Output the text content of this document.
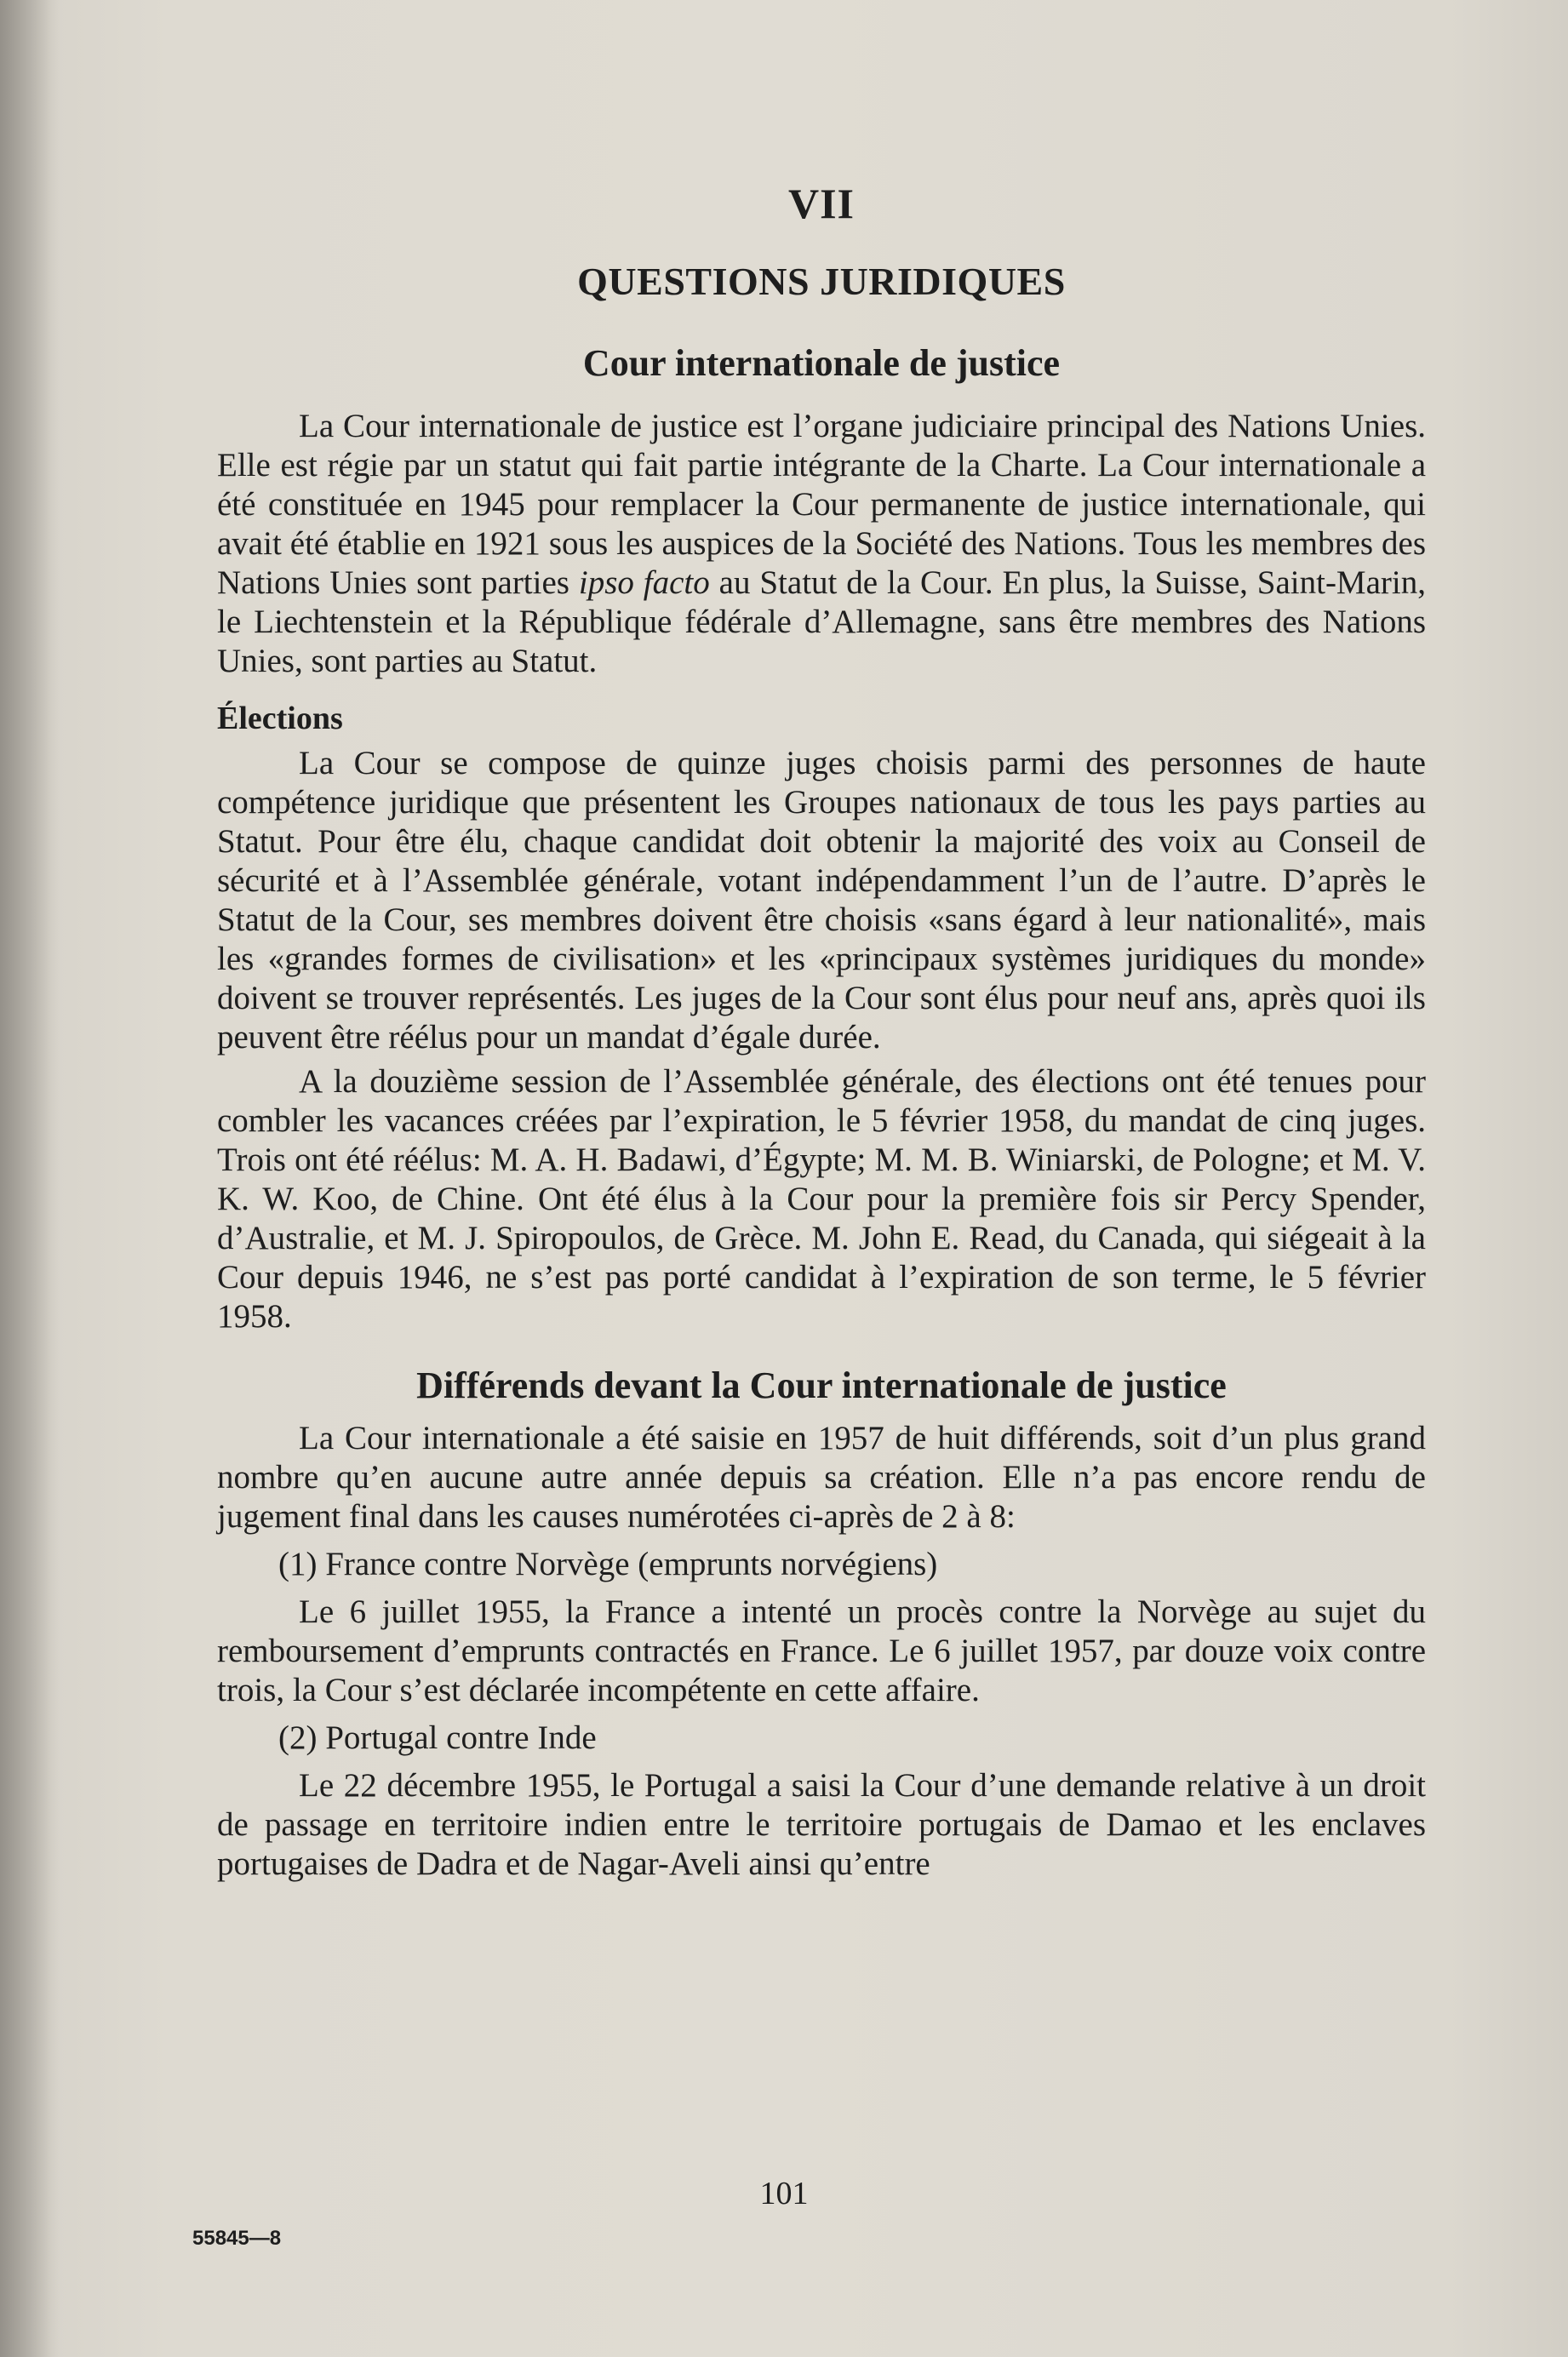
VII
QUESTIONS JURIDIQUES
Cour internationale de justice

La Cour internationale de justice est l’organe judiciaire principal des Nations Unies. Elle est régie par un statut qui fait partie intégrante de la Charte. La Cour internationale a été constituée en 1945 pour remplacer la Cour permanente de justice internationale, qui avait été établie en 1921 sous les auspices de la Société des Nations. Tous les membres des Nations Unies sont parties ipso facto au Statut de la Cour. En plus, la Suisse, Saint-Marin, le Liechtenstein et la République fédérale d’Allemagne, sans être membres des Nations Unies, sont parties au Statut.

Élections

La Cour se compose de quinze juges choisis parmi des personnes de haute compétence juridique que présentent les Groupes nationaux de tous les pays parties au Statut. Pour être élu, chaque candidat doit obtenir la majorité des voix au Conseil de sécurité et à l’Assemblée générale, votant indépendamment l’un de l’autre. D’après le Statut de la Cour, ses membres doivent être choisis «sans égard à leur nationalité», mais les «grandes formes de civilisation» et les «principaux systèmes juridiques du monde» doivent se trouver représentés. Les juges de la Cour sont élus pour neuf ans, après quoi ils peuvent être réélus pour un mandat d’égale durée.

A la douzième session de l’Assemblée générale, des élections ont été tenues pour combler les vacances créées par l’expiration, le 5 février 1958, du mandat de cinq juges. Trois ont été réélus: M. A. H. Badawi, d’Égypte; M. M. B. Winiarski, de Pologne; et M. V. K. W. Koo, de Chine. Ont été élus à la Cour pour la première fois sir Percy Spender, d’Australie, et M. J. Spiropoulos, de Grèce. M. John E. Read, du Canada, qui siégeait à la Cour depuis 1946, ne s’est pas porté candidat à l’expiration de son terme, le 5 février 1958.

Différends devant la Cour internationale de justice

La Cour internationale a été saisie en 1957 de huit différends, soit d’un plus grand nombre qu’en aucune autre année depuis sa création. Elle n’a pas encore rendu de jugement final dans les causes numérotées ci-après de 2 à 8:

(1) France contre Norvège (emprunts norvégiens)

Le 6 juillet 1955, la France a intenté un procès contre la Norvège au sujet du remboursement d’emprunts contractés en France. Le 6 juillet 1957, par douze voix contre trois, la Cour s’est déclarée incompétente en cette affaire.

(2) Portugal contre Inde

Le 22 décembre 1955, le Portugal a saisi la Cour d’une demande relative à un droit de passage en territoire indien entre le territoire portugais de Damao et les enclaves portugaises de Dadra et de Nagar-Aveli ainsi qu’entre

101
55845—8
